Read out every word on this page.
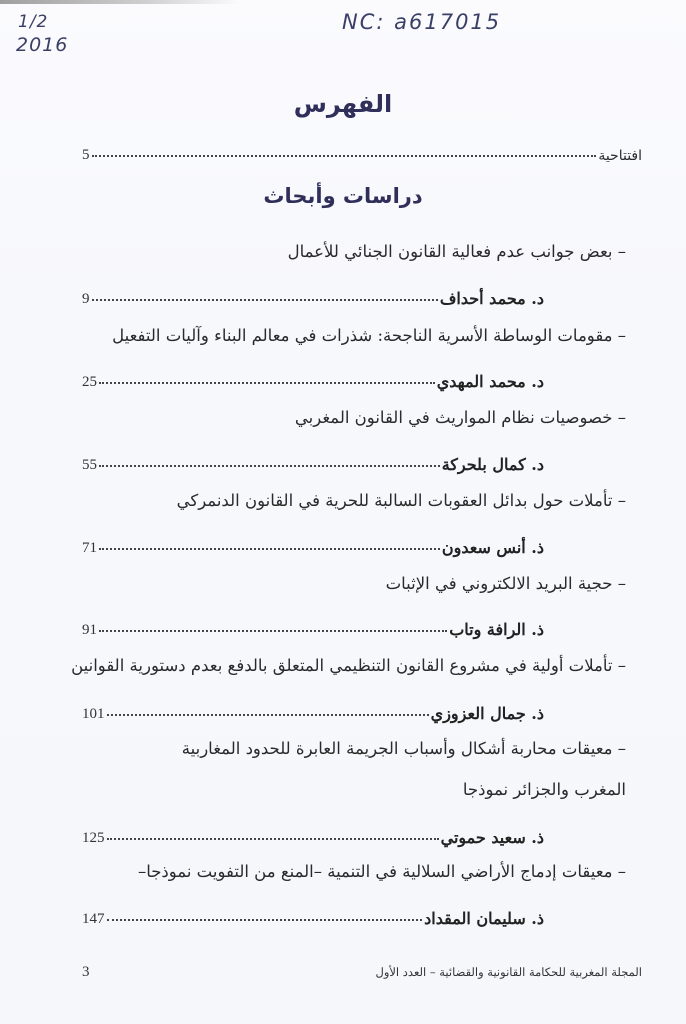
1/2
2016
NC: a617015
الفهرس
افتتاحية
5
دراسات وأبحاث
– بعض جوانب عدم فعالية القانون الجنائي للأعمال
د. محمد أحداف
9
– مقومات الوساطة الأسرية الناجحة: شذرات في معالم البناء وآليات التفعيل
د. محمد المهدي
25
– خصوصيات نظام المواريث في القانون المغربي
د. كمال بلحركة
55
– تأملات حول بدائل العقوبات السالبة للحرية في القانون الدنمركي
ذ. أنس سعدون
71
– حجية البريد الالكتروني في الإثبات
ذ. الرافة وتاب
91
– تأملات أولية في مشروع القانون التنظيمي المتعلق بالدفع بعدم دستورية القوانين
ذ. جمال العزوزي
101
– معيقات محاربة أشكال وأسباب الجريمة العابرة للحدود المغاربية
المغرب والجزائر نموذجا
ذ. سعيد حموتي
125
– معيقات إدماج الأراضي السلالية في التنمية –المنع من التفويت نموذجا–
ذ. سليمان المقداد
147
3	المجلة المغربية للحكامة القانونية والقضائية – العدد الأول
